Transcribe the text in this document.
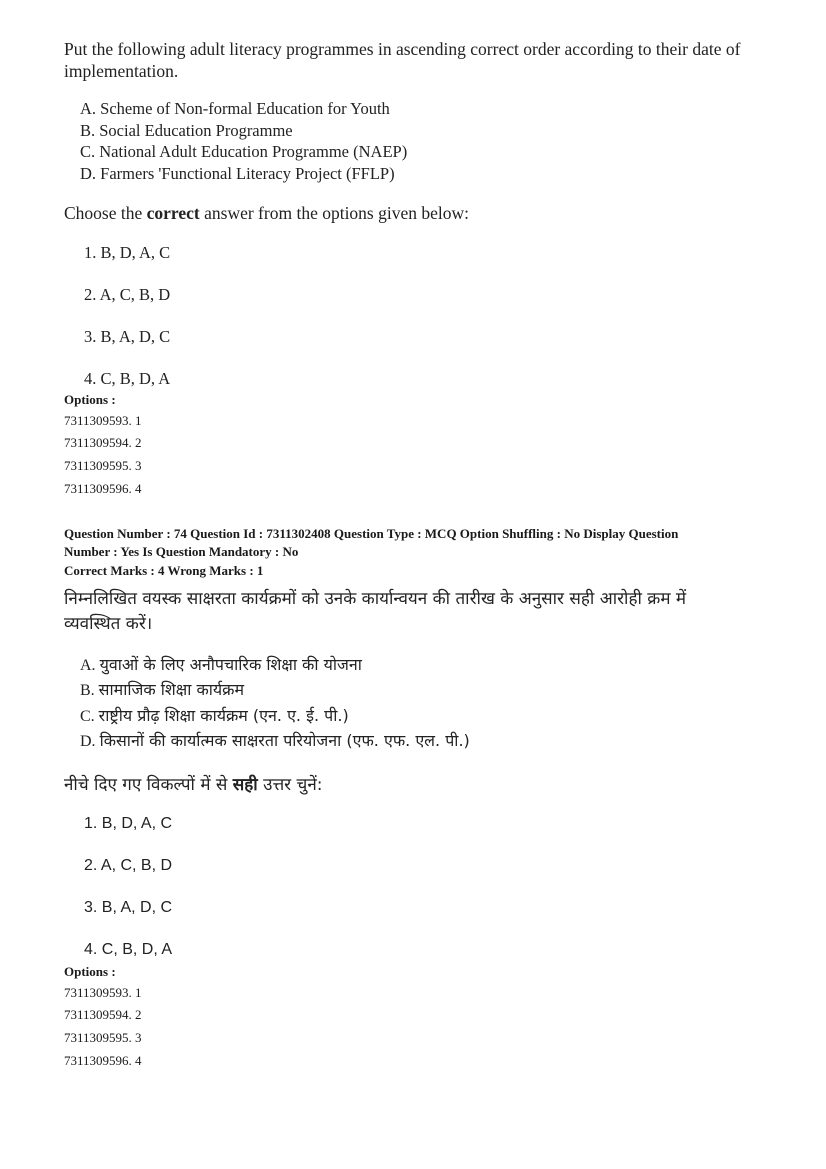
Put the following adult literacy programmes in ascending correct order according to their date of
implementation.
A. Scheme of Non-formal Education for Youth
B. Social Education Programme
C. National Adult Education Programme (NAEP)
D. Farmers 'Functional Literacy Project (FFLP)
Choose the correct answer from the options given below:
1. B, D, A, C
2. A, C, B, D
3. B, A, D, C
4. C, B, D, A
Options :
7311309593. 1
7311309594. 2
7311309595. 3
7311309596. 4
Question Number : 74 Question Id : 7311302408 Question Type : MCQ Option Shuffling : No Display Question
Number : Yes Is Question Mandatory : No
Correct Marks : 4 Wrong Marks : 1
निम्नलिखित वयस्क साक्षरता कार्यक्रमों को उनके कार्यान्वयन की तारीख के अनुसार सही आरोही क्रम में
व्यवस्थित करें।
A. युवाओं के लिए अनौपचारिक शिक्षा की योजना
B. सामाजिक शिक्षा कार्यक्रम
C. राष्ट्रीय प्रौढ़ शिक्षा कार्यक्रम (एन. ए. ई. पी.)
D. किसानों की कार्यात्मक साक्षरता परियोजना (एफ. एफ. एल. पी.)
नीचे दिए गए विकल्पों में से सही उत्तर चुनें:
1. B, D, A, C
2. A, C, B, D
3. B, A, D, C
4. C, B, D, A
Options :
7311309593. 1
7311309594. 2
7311309595. 3
7311309596. 4
